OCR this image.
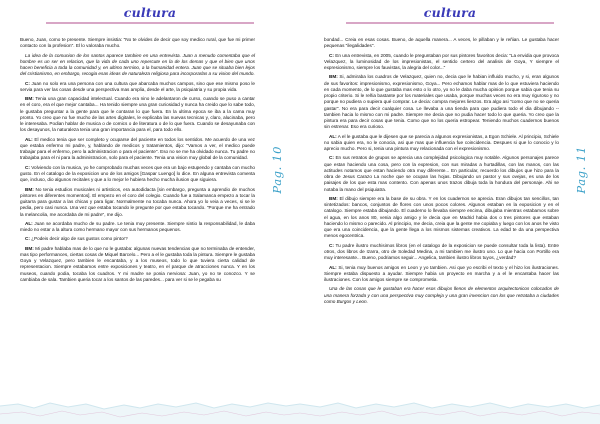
cultura

Bueno, Juan, como te presente. Siempre insistia: "No te olvides de decir que soy medico rural, que fue mi primer contacto con la profesion". El lo valoraba mucho.

La idea de la comunion de los santos aparece tambien en una entrevista. Juan a menudo comentaba que el hombre es un ser en relacion, que la vida de cada uno repercute en la de los demas y que el bien que unos hacen beneficia a toda la comunidad y, en ultimo termino, a la humanidad entera. Juan que se situaba bien lejos del cristianismo, en embargo, recogia esas ideas de naturaleza religiosa para incorporarlas a su vision del mundo.

C: Juan no solo era una persona con una cultura que abarcaba muchos campos, sino que ese mismo poso le servia para ver las cosas desde una perspectiva mas amplia, desde el arte, la psiquiatria y su propia vida.

BM: Tenia una gran capacidad intelectual. Cuando era nino le adelantaron de curso, cuando se puso a cantar en el coro, era el que mejor cantaba... Ha tenido siempre una gran curiosidad y nunca ha creido que lo sabe todo, le gustaba preguntar a la gente para que le contaran lo que fuera. En la ultima epoca se iba a la cama muy pronto. Yo creo que no fue mucho de las artes digitales, le explicaba las nuevas tecnicas y, claro, alucinaba, pero le interesaba. Podian hablar de musica o de comics o de literatura o de lo que fuera. Cuando se desayunaba con los desayunos, la naturaleza tenia una gran importancia para el, para todo ello.

AL: El medico tenia que ser completo y ocuparse del paciente en todos los sentidos. Me acuerdo de una vez que estaba enfermo mi padre, y, hablando de medicos y tratamientos, dijo: "Vamos a ver, el medico puede trabajar para el enfermo, pero la administracion o para el paciente". Eso no se me ha olvidado nunca. Tu padre no trabajaba para el ni para la administracion, solo para el paciente. Tenia una vision muy global de la comunidad.

C: Volviendo con la musica, yo he comprobado muchas veces que era un bajo estupendo y cantaba con mucho gusto. En el catalogo de la exposicion uno de los amigos [Gaspar Luengo] lo dice. En alguna entrevista comenta que, incluso, dio algunos recitales y que a lo mejor le hubiera hecho mucha ilusion que siguiera.

BM: No tenia estudios musicales ni artisticos, era autodidacta [sin embargo, pregunta a aprendio de muchos pintores en diferentes momentos]. El empezo en el coro del colegio. Cuando fue a Salamanca empezo a tocar la guitarra para gustar a las chicas y para ligar. Normalmente no tocaba nunca. Ahora yo lo veia a veces, si se le pedia, pero casi nunca. Una vez que estaba tocando le pregunte por que estaba tocando. "Porque me ha entrado la melancolia, me acordaba de mi padre", me dijo.

AL: Juan se acordaba mucho de su padre. Le tenia muy presente. Siempre sintio la responsabilidad, le daba miedo no estar a la altura como hermano mayor con sus hermanos pequenos.

C: ¿Podeis decir algo de sus gustos como pintor?

BM: Mi padre hablaba mas de lo que no le gustaba: algunas nuevas tendencias que no terminaba de entender, mas tipo performances, ciertas cosas de Miquel Barcelo... Pero a el le gustaba toda la pintura. Siempre le gustaba Goya y Velazquez, pero tambien le encantaba, y a los museos, todo lo que tuviera cierta calidad de representacion. Siempre estabamos entre exposiciones y teatro, en el parque de atracciones nunca. Y en los museos, cuando podia, tocaba los cuadros. Y mi madre se ponia nerviosa: Juan, yo no te conozco. Y se cambiaba de sala. Tambien queria tocar a los santos de las paredes... para ver si se le pegaba su

Pag. 10
cultura

bondad... Creia en esas cosas. Bueno, de aquella manera... A veces, le pillaban y le reñian. Le gustaba hacer pequenas "ilegalidades".

C: En una entrevista, en 2005, cuando le preguntaban por sus pintores favoritos decia: "La envidia que provoca Velazquez, la luminosidad de los impresionistas, el sentido certero del analisis de Goya, Y siempre el expresionismo, siempre los fauvistas, la alegria del color..."

BM: Si, admiraba los cuadros de Velazquez, quien no, decia que le habian influido mucho, y si, eran algunos de sus favoritos: impresionismo, expresionismo, Goya... Pero echamos hablar mas de lo que estuviera haciendo en cada momento, de lo que gustaba mas esto o lo otro, yo no le daba mucha opinion porque sabia que tenia su propio criterio. Si le reñia bastante por los materiales que usaba, porque muchas veces no era muy riguroso y no porque no pudiera o supiera qué comprar. Le decia: compra mejores lienzos. Era algo asi "como que no se queria gastar". No era para decir cualquier cosa. Le llevaba a una tienda para que pudiera todo el dia dibujando -- tambien hacia lo mismo con mi padre. Siempre me decia que no pudia hacer todo lo que queria. Yo creo que la pintura era para decir cosas que tenia. Como que no los queria estropear. Teniendo muchos cuadernos buenos sin estrenar. Eso era curioso.

AL: A el le gustaba que le dijesen que se parecia a algunos expresionistas, a Egon Schiele. Al principio, Schiele no sabia quien era, no le conocia, asi que mas que influencia fue coincidencia. Despues si que lo conocio y lo aprecio mucho. Pero si, tenia una pintura muy relacionada con el expresionismo.

C: En sus retratos de grupos se aprecia una complejidad psicologica muy notable. Algunos personajes parece que estan haciendo una cosa, pero con la expresion, con sus miradas a hurtadillas, con las manos, con las actitudes notamos que estan haciendo otra muy diferente... En particular, recuerdo los dibujos que hizo para la obra de Jesus Carazo La noche que se ocupan las hojas. Dibujando un pastor y sus ovejas, es una de los paisajes de los que esta mas contento. Con apenas unos trazos dibuja toda la hondura del personaje. Ahi se notaba la mano del psiquiatra.

BM: El dibujo siempre era la base de su obra. Y en los cuadernos se aprecia. Eran dibujos tan sencillos, tan sintetizados: bancos, conjuntos de flores con unos pocos colores. Algunos estaban en la exposicion y en el catalogo. Siempre estaba dibujando. El cuaderno lo llevaba siempre encima, dibujaba mientras estabamos sobre el agua, en los anos 80, venia algo amigo y le decia que en Madrid habia dos o tres pintores que estaban haciendo lo mismo o parecido. Al principio, me decia, creia que la gente me copiaba y luego con los anos he visto que era una coincidencia, que la gente llega a los mismos sistemas creativos. La edad te da una perspectiva menos egocentrica.

C: Tu padre ilustro muchisimos libros (en el catalogo de la exposicion se puede consultar toda la lista). Entre otros, dos libros de Izarra, otro de Soledad Medina, a mi tambien me ilustro uno. Lo que hacia con Portillo era muy interesante... Bueno, podriamos seguir... Angelica, tambien ilustro libros tuyos, ¿verdad?

AL: Si, tenia muy buenos amigos en Leon y yo tambien. Asi que yo escribi el texto y el hizo los ilustraciones. Siempre estaba dispuesto a ayudar. Siempre habia un proyecto en marcha y a el le encantaba hacer las ilustraciones. Con los amigos siempre se comprometia.

Una de las cosas que le gustaban era hacer esos dibujos llenos de elementos arquitectonicos colocados de una manera forzada y con una perspectiva muy compleja y una gran invencion con los que retrataba a ciudades como Burgos y Leon.

Pag. 11
